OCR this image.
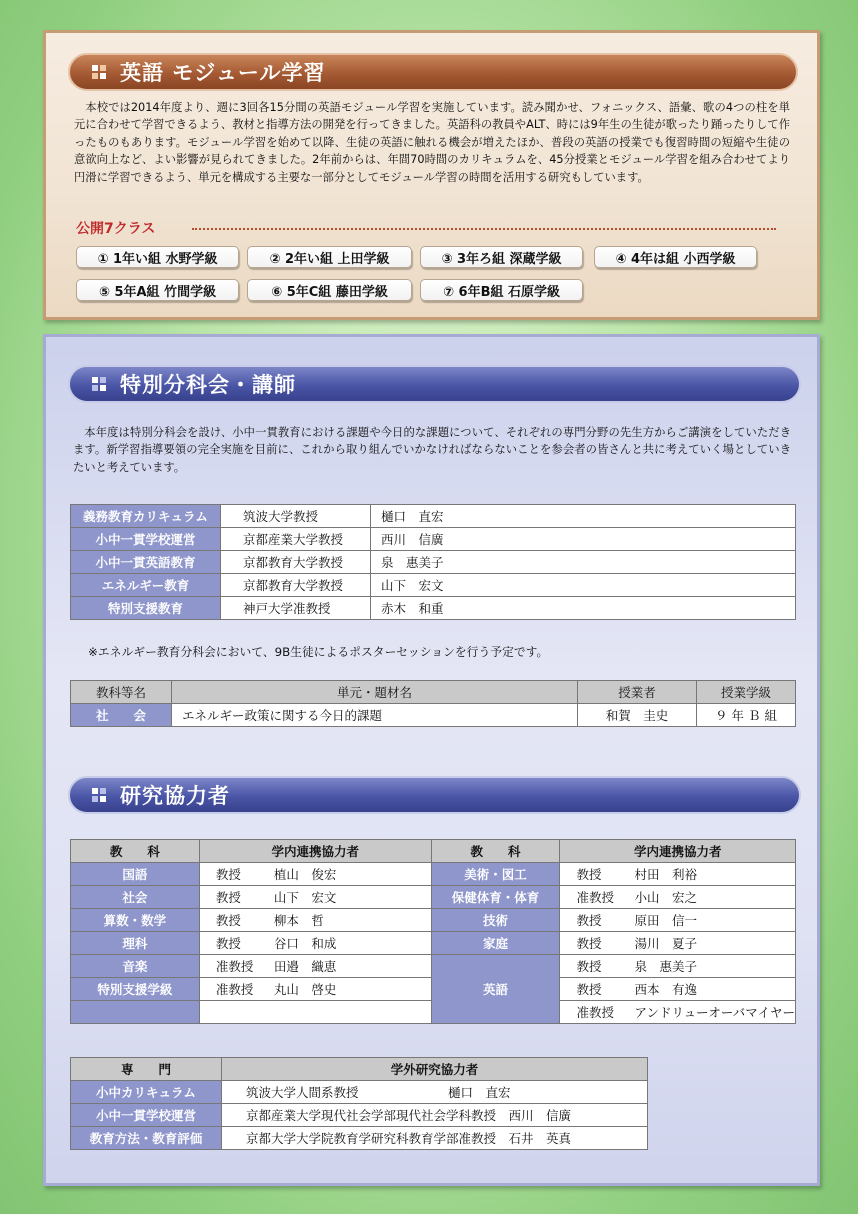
英語 モジュール学習
本校では2014年度より、週に3回各15分間の英語モジュール学習を実施しています。読み聞かせ、フォニックス、語彙、歌の4つの柱を単元に合わせて学習できるよう、教材と指導方法の開発を行ってきました。英語科の教員やALT、時には9年生の生徒が歌ったり踊ったりして作ったものもあります。モジュール学習を始めて以降、生徒の英語に触れる機会が増えたほか、普段の英語の授業でも復習時間の短縮や生徒の意欲向上など、よい影響が見られてきました。2年前からは、年間70時間のカリキュラムを、45分授業とモジュール学習を組み合わせてより円滑に学習できるよう、単元を構成する主要な一部分としてモジュール学習の時間を活用する研究もしています。
公開7クラス
① 1年い組 水野学級	② 2年い組 上田学級	③ 3年ろ組 深蔵学級	④ 4年は組 小西学級
⑤ 5年A組 竹間学級	⑥ 5年C組 藤田学級	⑦ 6年B組 石原学級
特別分科会・講師
本年度は特別分科会を設け、小中一貫教育における課題や今日的な課題について、それぞれの専門分野の先生方からご講演をしていただきます。新学習指導要領の完全実施を目前に、これから取り組んでいかなければならないことを参会者の皆さんと共に考えていく場としていきたいと考えています。
義務教育カリキュラム	筑波大学教授	樋口　直宏
小中一貫学校運営	京都産業大学教授	西川　信廣
小中一貫英語教育	京都教育大学教授	泉　惠美子
エネルギー教育	京都教育大学教授	山下　宏文
特別支援教育	神戸大学准教授	赤木　和重
※エネルギー教育分科会において、9B生徒によるポスターセッションを行う予定です。
教科等名	単元・題材名	授業者	授業学級
社　　会	エネルギー政策に関する今日的課題	和賀　圭史	９ 年 Ｂ 組
研究協力者
教　　科	学内連携協力者	教　　科	学内連携協力者
国語	教授 植山　俊宏	美術・図工	教授 村田　利裕
社会	教授 山下　宏文	保健体育・体育	准教授 小山　宏之
算数・数学	教授 柳本　哲	技術	教授 原田　信一
理科	教授 谷口　和成	家庭	教授 湯川　夏子
音楽	准教授 田邉　織恵	英語	教授 泉　惠美子
特別支援学級	准教授 丸山　啓史		教授 西本　有逸
			准教授 アンドリューオーバマイヤー
専　　門	学外研究協力者
小中カリキュラム	筑波大学人間系教授 樋口　直宏
小中一貫学校運営	京都産業大学現代社会学部現代社会学科教授　 西川　信廣
教育方法・教育評価	京都大学大学院教育学研究科教育学部准教授　 石井　英真
